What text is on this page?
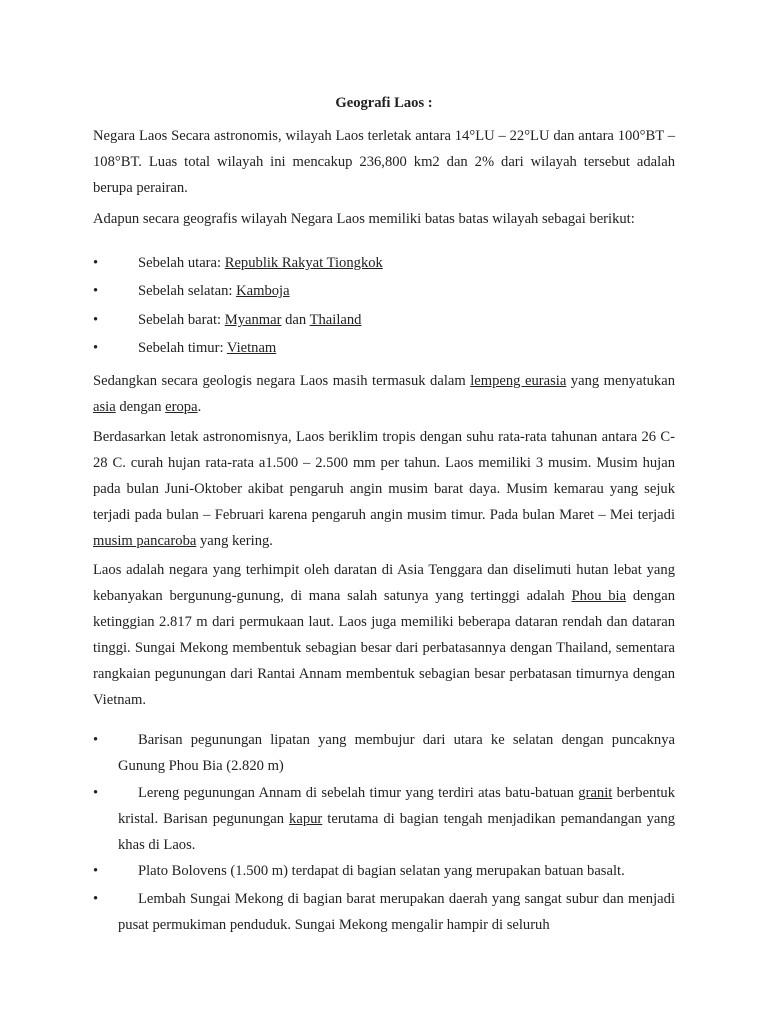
Geografi Laos :

Negara Laos Secara astronomis, wilayah Laos terletak antara 14°LU – 22°LU dan antara 100°BT – 108°BT. Luas total wilayah ini mencakup 236,800 km2 dan 2% dari wilayah tersebut adalah berupa perairan.

Adapun secara geografis wilayah Negara Laos memiliki batas batas wilayah sebagai berikut:

•	Sebelah utara: Republik Rakyat Tiongkok
•	Sebelah selatan: Kamboja
•	Sebelah barat: Myanmar dan Thailand
•	Sebelah timur: Vietnam

Sedangkan secara geologis negara Laos masih termasuk dalam lempeng eurasia yang menyatukan asia dengan eropa.

Berdasarkan letak astronomisnya, Laos beriklim tropis dengan suhu rata-rata tahunan antara 26 C-28 C. curah hujan rata-rata a1.500 – 2.500 mm per tahun. Laos memiliki 3 musim. Musim hujan pada bulan Juni-Oktober akibat pengaruh angin musim barat daya. Musim kemarau yang sejuk terjadi pada bulan – Februari karena pengaruh angin musim timur. Pada bulan Maret – Mei terjadi musim pancaroba yang kering.

Laos adalah negara yang terhimpit oleh daratan di Asia Tenggara dan diselimuti hutan lebat yang kebanyakan bergunung-gunung, di mana salah satunya yang tertinggi adalah Phou bia dengan ketinggian 2.817 m dari permukaan laut. Laos juga memiliki beberapa dataran rendah dan dataran tinggi. Sungai Mekong membentuk sebagian besar dari perbatasannya dengan Thailand, sementara rangkaian pegunungan dari Rantai Annam membentuk sebagian besar perbatasan timurnya dengan Vietnam.

•	Barisan pegunungan lipatan yang membujur dari utara ke selatan dengan puncaknya Gunung Phou Bia (2.820 m)
•	Lereng pegunungan Annam di sebelah timur yang terdiri atas batu-batuan granit berbentuk kristal. Barisan pegunungan kapur terutama di bagian tengah menjadikan pemandangan yang khas di Laos.
•	Plato Bolovens (1.500 m) terdapat di bagian selatan yang merupakan batuan basalt.
•	Lembah Sungai Mekong di bagian barat merupakan daerah yang sangat subur dan menjadi pusat permukiman penduduk. Sungai Mekong mengalir hampir di seluruh
